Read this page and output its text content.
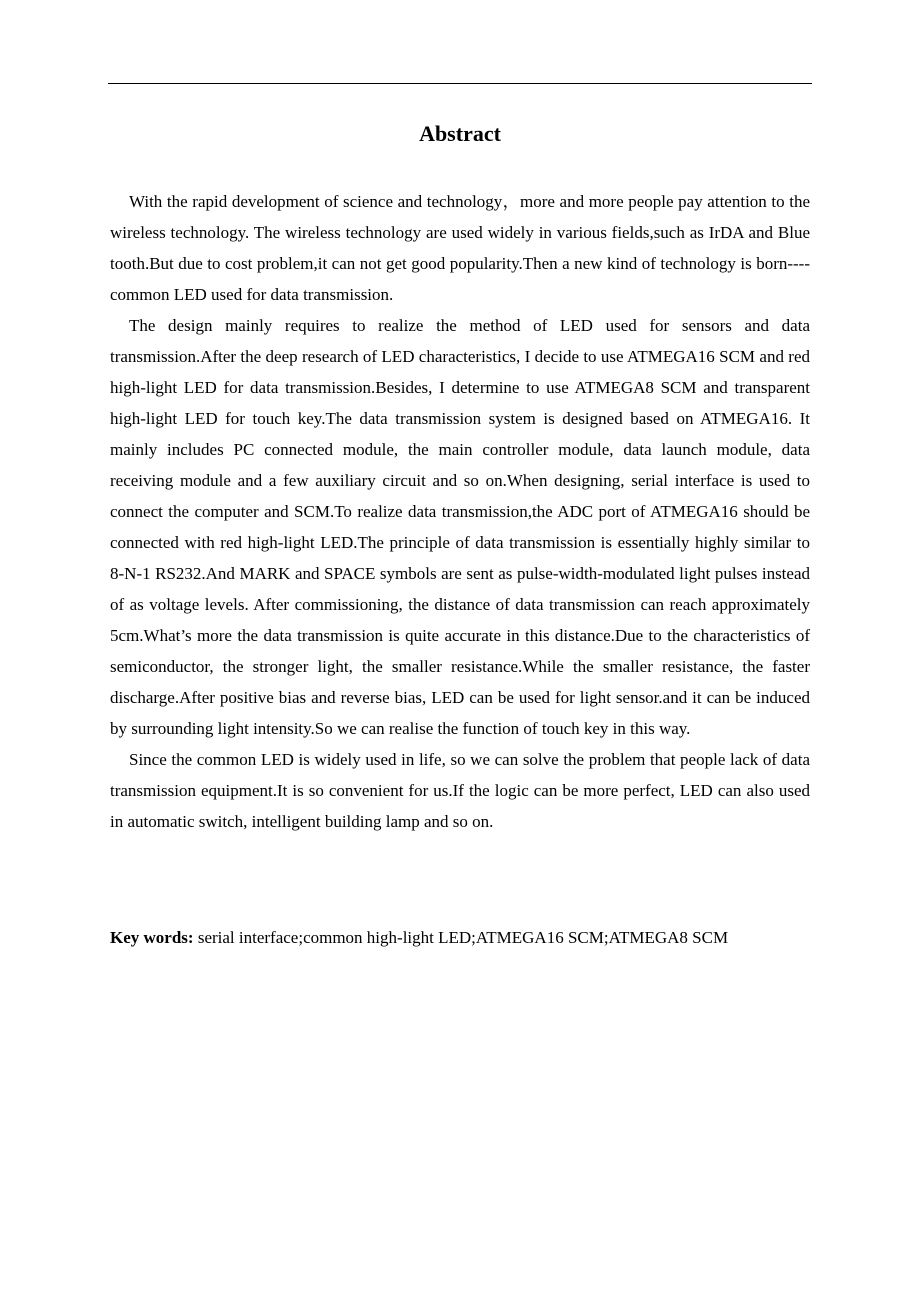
Abstract

With the rapid development of science and technology，more and more people pay attention to the wireless technology. The wireless technology are used widely in various fields,such as IrDA and Blue tooth.But due to cost problem,it can not get good popularity.Then a new kind of technology is born---- common LED used for data transmission.

The design mainly requires to realize the method of LED used for sensors and data transmission.After the deep research of LED characteristics, I decide to use ATMEGA16 SCM and red high-light LED for data transmission.Besides, I determine to use ATMEGA8 SCM and transparent high-light LED for touch key.The data transmission system is designed based on ATMEGA16. It mainly includes PC connected module, the main controller module, data launch module, data receiving module and a few auxiliary circuit and so on.When designing, serial interface is used to connect the computer and SCM.To realize data transmission,the ADC port of ATMEGA16 should be connected with red high-light LED.The principle of data transmission is essentially highly similar to 8-N-1 RS232.And MARK and SPACE symbols are sent as pulse-width-modulated light pulses instead of as voltage levels. After commissioning, the distance of data transmission can reach approximately 5cm.What’s more the data transmission is quite accurate in this distance.Due to the characteristics of semiconductor, the stronger light, the smaller resistance.While the smaller resistance, the faster discharge.After positive bias and reverse bias, LED can be used for light sensor.and it can be induced by surrounding light intensity.So we can realise the function of touch key in this way.

Since the common LED is widely used in life, so we can solve the problem that people lack of data transmission equipment.It is so convenient for us.If the logic can be more perfect, LED can also used in automatic switch, intelligent building lamp and so on.

Key words: serial interface;common high-light LED;ATMEGA16 SCM;ATMEGA8 SCM
